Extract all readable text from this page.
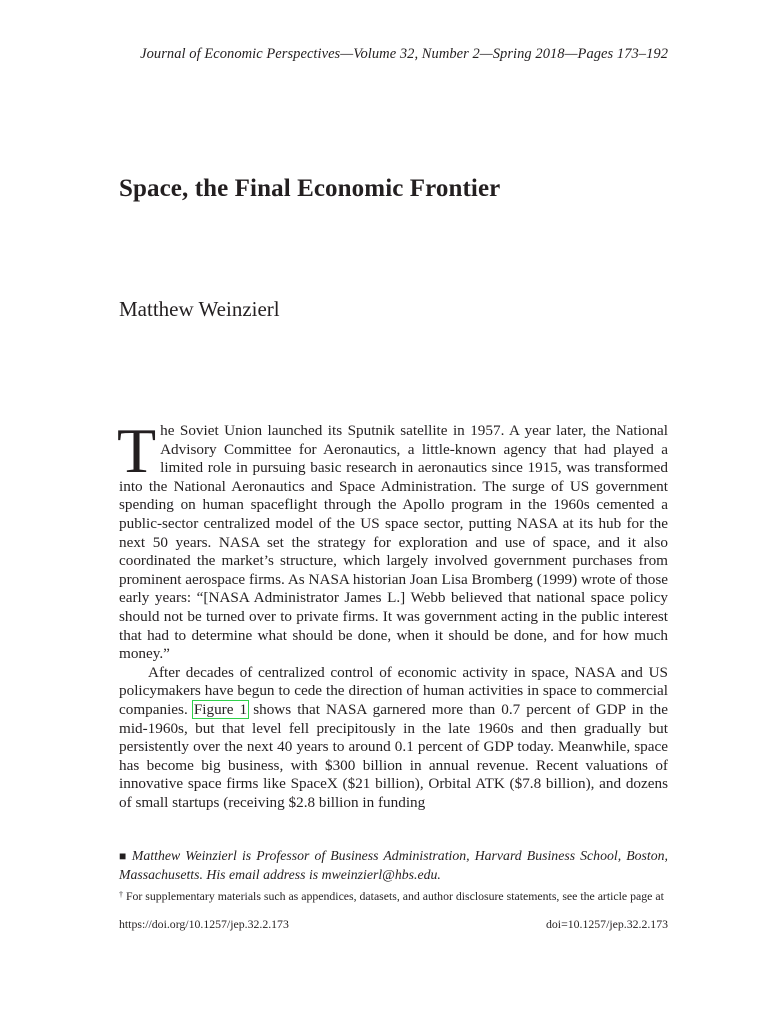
Journal of Economic Perspectives—Volume 32, Number 2—Spring 2018—Pages 173–192
Space, the Final Economic Frontier
Matthew Weinzierl

The Soviet Union launched its Sputnik satellite in 1957. A year later, the National Advisory Committee for Aeronautics, a little-known agency that had played a limited role in pursuing basic research in aeronautics since 1915, was transformed into the National Aeronautics and Space Administration. The surge of US government spending on human spaceflight through the Apollo program in the 1960s cemented a public-sector centralized model of the US space sector, putting NASA at its hub for the next 50 years. NASA set the strategy for exploration and use of space, and it also coordinated the market’s structure, which largely involved government purchases from prominent aerospace firms. As NASA historian Joan Lisa Bromberg (1999) wrote of those early years: “[NASA Administrator James L.] Webb believed that national space policy should not be turned over to private firms. It was government acting in the public interest that had to determine what should be done, when it should be done, and for how much money.”

After decades of centralized control of economic activity in space, NASA and US policymakers have begun to cede the direction of human activities in space to commercial companies. Figure 1 shows that NASA garnered more than 0.7 percent of GDP in the mid-1960s, but that level fell precipitously in the late 1960s and then gradually but persistently over the next 40 years to around 0.1 percent of GDP today. Meanwhile, space has become big business, with $300 billion in annual revenue. Recent valuations of innovative space firms like SpaceX ($21 billion), Orbital ATK ($7.8 billion), and dozens of small startups (receiving $2.8 billion in funding

■ Matthew Weinzierl is Professor of Business Administration, Harvard Business School, Boston, Massachusetts. His email address is mweinzierl@hbs.edu.
† For supplementary materials such as appendices, datasets, and author disclosure statements, see the article page at
https://doi.org/10.1257/jep.32.2.173	doi=10.1257/jep.32.2.173
